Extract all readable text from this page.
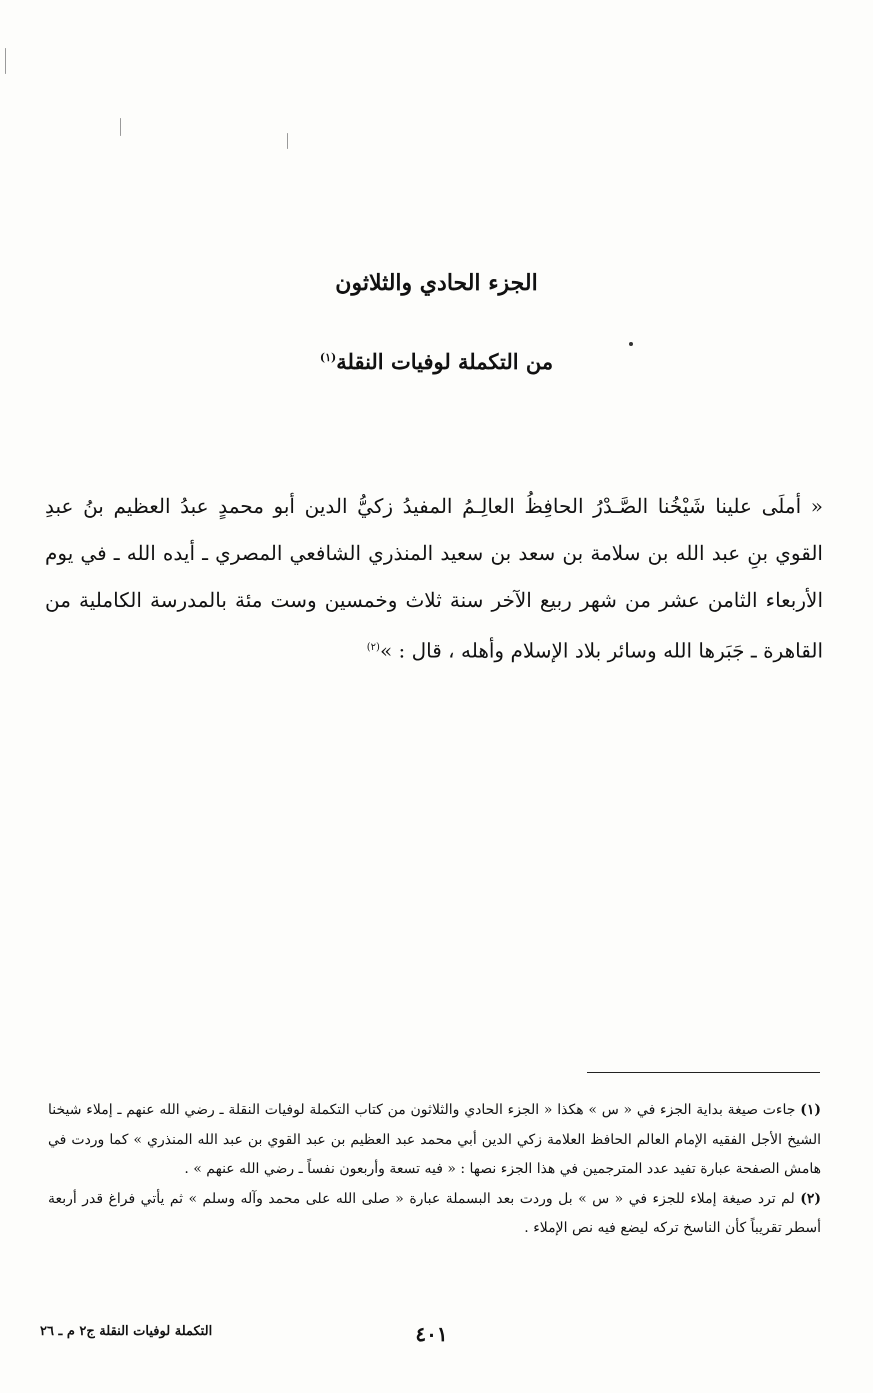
الجزء الحادي والثلاثون
من التكملة لوفيات النقلة$^{(١)}$

« أملَى علينا شَيْخُنا الصَّـدْرُ الحافِظُ العالِـمُ المفيدُ زكيُّ الدين أبو محمدٍ عبدُ العظيم بنُ عبدِ القوي بنِ عبد الله بن سلامة بن سعد بن سعيد المنذري الشافعي المصري ـ أيده الله ـ في يوم الأربعاء الثامن عشر من شهر ربيع الآخر سنة ثلاث وخمسين وست مئة بالمدرسة الكاملية من القاهرة ـ جَبَرها الله وسائر بلاد الإسلام وأهله ، قال : »$^{(٢)}$

(١) جاءت صيغة بداية الجزء في « س » هكذا « الجزء الحادي والثلاثون من كتاب التكملة لوفيات النقلة ـ رضي الله عنهم ـ إملاء شيخنا الشيخ الأجل الفقيه الإمام العالم الحافظ العلامة زكي الدين أبي محمد عبد العظيم بن عبد القوي بن عبد الله المنذري » كما وردت في هامش الصفحة عبارة تفيد عدد المترجمين في هذا الجزء نصها : « فيه تسعة وأربعون نفساً ـ رضي الله عنهم » .

(٢) لم ترد صيغة إملاء للجزء في « س » بل وردت بعد البسملة عبارة « صلى الله على محمد وآله وسلم » ثم يأتي فراغ قدر أربعة أسطر تقريباً كأن الناسخ تركه ليضع فيه نص الإملاء .

٤٠١
التكملة لوفيات النقلة ج٢ م ـ ٢٦
